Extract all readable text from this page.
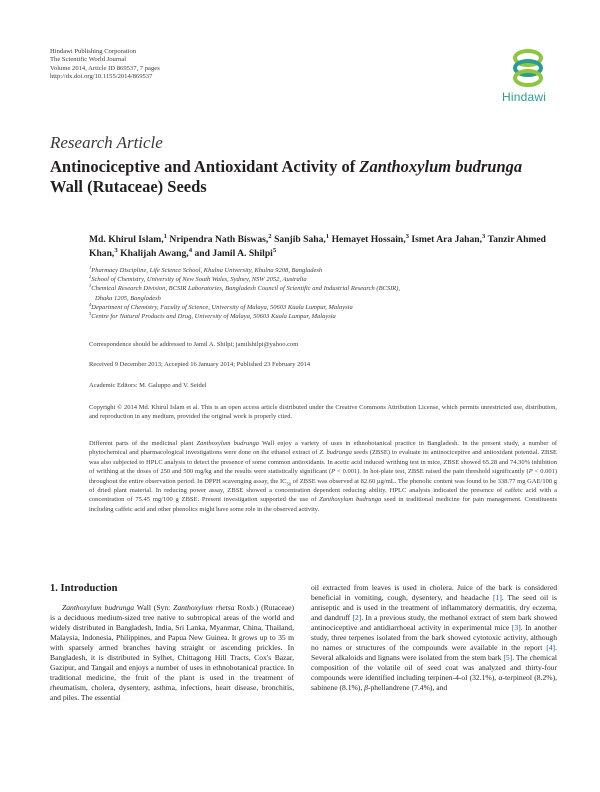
Hindawi Publishing Corporation
The Scientific World Journal
Volume 2014, Article ID 869537, 7 pages
http://dx.doi.org/10.1155/2014/869537
Hindawi
Research Article
Antinociceptive and Antioxidant Activity of Zanthoxylum budrunga Wall (Rutaceae) Seeds
Md. Khirul Islam,$^1$ Nripendra Nath Biswas,$^2$ Sanjib Saha,$^1$ Hemayet Hossain,$^3$ Ismet Ara Jahan,$^3$ Tanzir Ahmed Khan,$^3$ Khalijah Awang,$^4$ and Jamil A. Shilpi$^5$
$^1$Pharmacy Discipline, Life Science School, Khulna University, Khulna 9208, Bangladesh
$^2$School of Chemistry, University of New South Wales, Sydney, NSW 2052, Australia
$^3$Chemical Research Division, BCSIR Laboratories, Bangladesh Council of Scientific and Industrial Research (BCSIR),
Dhaka 1205, Bangladesh
$^4$Department of Chemistry, Faculty of Science, University of Malaya, 50603 Kuala Lumpur, Malaysia
$^5$Centre for Natural Products and Drug, University of Malaya, 50603 Kuala Lumpur, Malaysia
Correspondence should be addressed to Jamil A. Shilpi; jamilshilpi@yahoo.com
Received 9 December 2013; Accepted 16 January 2014; Published 23 February 2014
Academic Editors: M. Galuppo and V. Seidel
Copyright © 2014 Md. Khirul Islam et al. This is an open access article distributed under the Creative Commons Attribution License, which permits unrestricted use, distribution, and reproduction in any medium, provided the original work is properly cited.
Different parts of the medicinal plant Zanthoxylum budrunga Wall enjoy a variety of uses in ethnobotanical practice in Bangladesh. In the present study, a number of phytochemical and pharmacological investigations were done on the ethanol extract of Z. budrunga seeds (ZBSE) to evaluate its antinociceptive and antioxidant potential. ZBSE was also subjected to HPLC analysis to detect the presence of some common antioxidants. In acetic acid induced writhing test in mice, ZBSE showed 65.28 and 74.30% inhibition of writhing at the doses of 250 and 500 mg/kg and the results were statistically significant (P < 0.001). In hot-plate test, ZBSE raised the pain threshold significantly (P < 0.001) throughout the entire observation period. In DPPH scavenging assay, the $IC_{50}$ of ZBSE was observed at 82.60 µg/mL. The phenolic content was found to be 338.77 mg GAE/100 g of dried plant material. In reducing power assay, ZBSE showed a concentration dependent reducing ability. HPLC analysis indicated the presence of caffeic acid with a concentration of 75.45 mg/100 g ZBSE. Present investigation supported the use of Zanthoxylum budrunga seed in traditional medicine for pain management. Constituents including caffeic acid and other phenolics might have some role in the observed activity.
1. Introduction

Zanthoxylum budrunga Wall (Syn: Zanthoxylum rhetsa Roxb.) (Rutaceae) is a deciduous medium-sized tree native to subtropical areas of the world and widely distributed in Bangladesh, India, Sri Lanka, Myanmar, China, Thailand, Malaysia, Indonesia, Philippines, and Papua New Guinea. It grows up to 35 m with sparsely armed branches having straight or ascending prickles. In Bangladesh, it is distributed in Sylhet, Chittagong Hill Tracts, Cox's Bazar, Gazipur, and Tangail and enjoys a number of uses in ethnobotanical practice. In traditional medicine, the fruit of the plant is used in the treatment of rheumatism, cholera, dysentery, asthma, infections, heart disease, bronchitis, and piles. The essential

oil extracted from leaves is used in cholera. Juice of the bark is considered beneficial in vomiting, cough, dysentery, and headache [1]. The seed oil is antiseptic and is used in the treatment of inflammatory dermatitis, dry eczema, and dandruff [2]. In a previous study, the methanol extract of stem bark showed antinociceptive and antidiarrhoeal activity in experimental mice [3]. In another study, three terpenes isolated from the bark showed cytotoxic activity, although no names or structures of the compounds were available in the report [4]. Several alkaloids and lignans were isolated from the stem bark [5]. The chemical composition of the volatile oil of seed coat was analyzed and thirty-four compounds were identified including terpinen-4-ol (32.1%), α-terpineol (8.2%), sabinene (8.1%), β-phellandrene (7.4%), and
